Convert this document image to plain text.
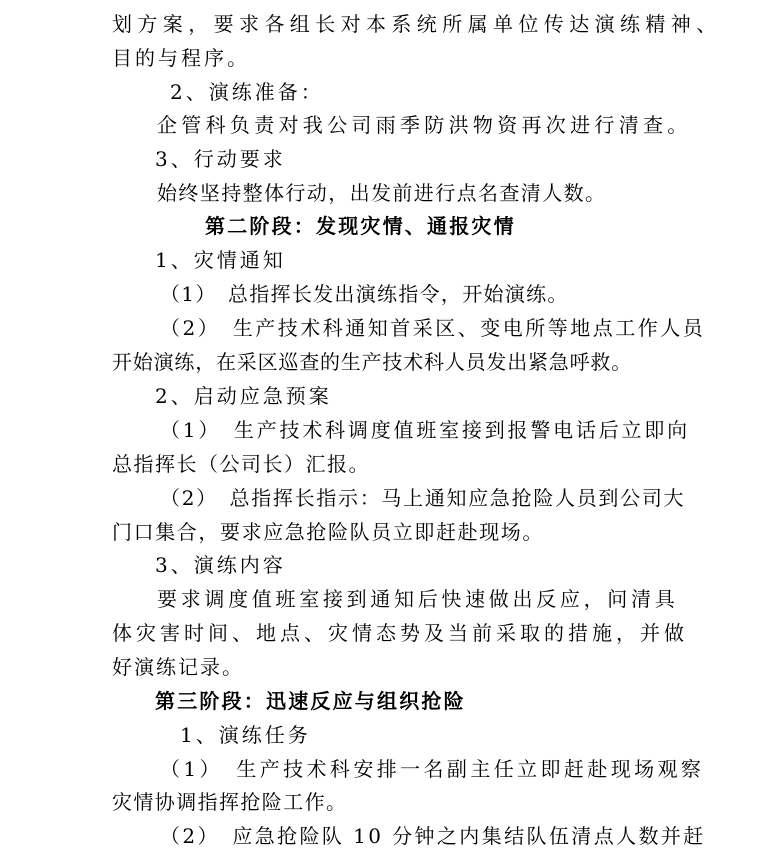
划方案，要求各组长对本系统所属单位传达演练精神、
目的与程序。
2、演练准备：
企管科负责对我公司雨季防洪物资再次进行清查。
3、行动要求
始终坚持整体行动，出发前进行点名查清人数。
第二阶段：发现灾情、通报灾情
1、灾情通知
（1）　总指挥长发出演练指令，开始演练。
（2）　生产技术科通知首采区、变电所等地点工作人员
开始演练，在采区巡查的生产技术科人员发出紧急呼救。
2、启动应急预案
（1）　生产技术科调度值班室接到报警电话后立即向
总指挥长（公司长）汇报。
（2）　总指挥长指示：马上通知应急抢险人员到公司大
门口集合，要求应急抢险队员立即赶赴现场。
3、演练内容
要求调度值班室接到通知后快速做出反应，问清具
体灾害时间、地点、灾情态势及当前采取的措施，并做
好演练记录。
第三阶段：迅速反应与组织抢险
1、演练任务
（1）　生产技术科安排一名副主任立即赶赴现场观察
灾情协调指挥抢险工作。
（2）　应急抢险队 10 分钟之内集结队伍清点人数并赶
